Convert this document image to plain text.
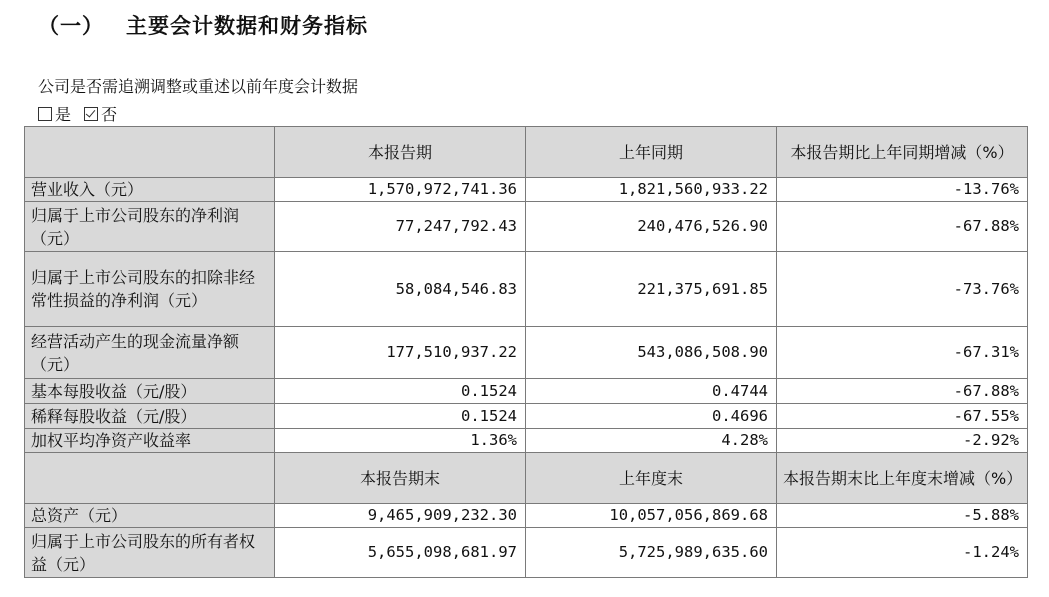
（一） 主要会计数据和财务指标
公司是否需追溯调整或重述以前年度会计数据
是 否
	本报告期	上年同期	本报告期比上年同期增减（%）
营业收入（元）	1,570,972,741.36	1,821,560,933.22	-13.76%
归属于上市公司股东的净利润（元）	77,247,792.43	240,476,526.90	-67.88%
归属于上市公司股东的扣除非经常性损益的净利润（元）	58,084,546.83	221,375,691.85	-73.76%
经营活动产生的现金流量净额（元）	177,510,937.22	543,086,508.90	-67.31%
基本每股收益（元/股）	0.1524	0.4744	-67.88%
稀释每股收益（元/股）	0.1524	0.4696	-67.55%
加权平均净资产收益率	1.36%	4.28%	-2.92%
	本报告期末	上年度末	本报告期末比上年度末增减（%）
总资产（元）	9,465,909,232.30	10,057,056,869.68	-5.88%
归属于上市公司股东的所有者权益（元）	5,655,098,681.97	5,725,989,635.60	-1.24%
